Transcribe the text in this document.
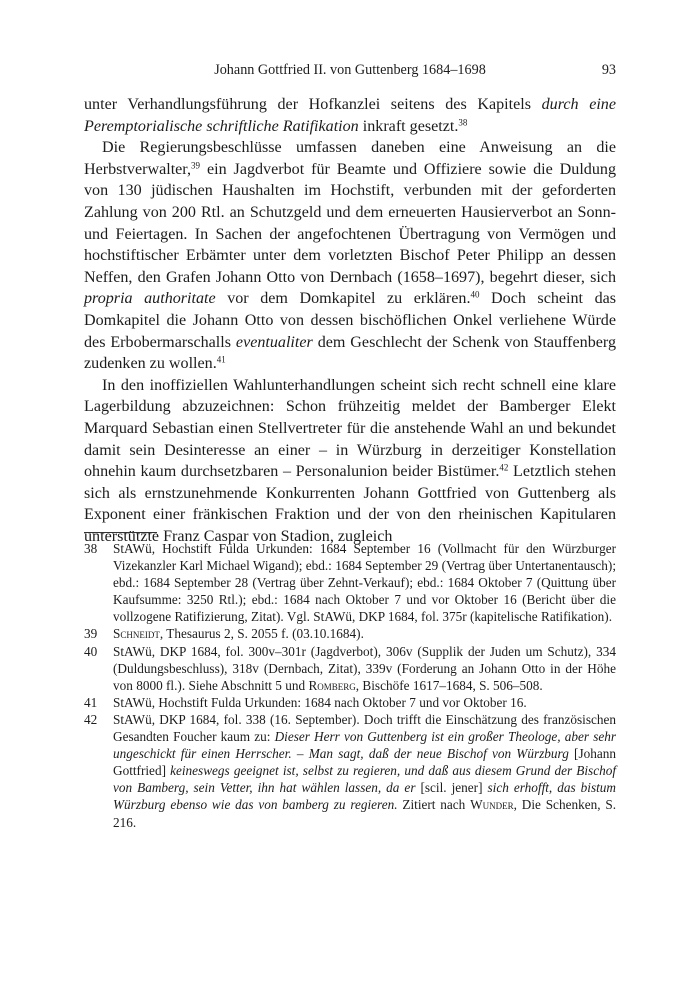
Johann Gottfried II. von Guttenberg 1684–1698	93

unter Verhandlungsführung der Hofkanzlei seitens des Kapitels durch eine Peremptorialische schriftliche Ratifikation inkraft gesetzt.$^{38}$

Die Regierungsbeschlüsse umfassen daneben eine Anweisung an die Herbstverwalter,$^{39}$ ein Jagdverbot für Beamte und Offiziere sowie die Duldung von 130 jüdischen Haushalten im Hochstift, verbunden mit der geforderten Zahlung von 200 Rtl. an Schutzgeld und dem erneuerten Hausierverbot an Sonn- und Feiertagen. In Sachen der angefochtenen Übertragung von Vermögen und hochstiftischer Erbämter unter dem vorletzten Bischof Peter Philipp an dessen Neffen, den Grafen Johann Otto von Dernbach (1658–1697), begehrt dieser, sich propria authoritate vor dem Domkapitel zu erklären.$^{40}$ Doch scheint das Domkapitel die Johann Otto von dessen bischöflichen Onkel verliehene Würde des Erbobermarschalls eventualiter dem Geschlecht der Schenk von Stauffenberg zudenken zu wollen.$^{41}$

In den inoffiziellen Wahlunterhandlungen scheint sich recht schnell eine klare Lagerbildung abzuzeichnen: Schon frühzeitig meldet der Bamberger Elekt Marquard Sebastian einen Stellvertreter für die anstehende Wahl an und bekundet damit sein Desinteresse an einer – in Würzburg in derzeitiger Konstellation ohnehin kaum durchsetzbaren – Personalunion beider Bistümer.$^{42}$ Letztlich stehen sich als ernstzunehmende Konkurrenten Johann Gottfried von Guttenberg als Exponent einer fränkischen Fraktion und der von den rheinischen Kapitularen unterstützte Franz Caspar von Stadion, zugleich

38 StAWü, Hochstift Fulda Urkunden: 1684 September 16 (Vollmacht für den Würzburger Vizekanzler Karl Michael Wigand); ebd.: 1684 September 29 (Vertrag über Untertanentausch); ebd.: 1684 September 28 (Vertrag über Zehnt-Verkauf); ebd.: 1684 Oktober 7 (Quittung über Kaufsumme: 3250 Rtl.); ebd.: 1684 nach Oktober 7 und vor Oktober 16 (Bericht über die vollzogene Ratifizierung, Zitat). Vgl. StAWü, DKP 1684, fol. 375r (kapitelische Ratifikation).
39 Schneidt, Thesaurus 2, S. 2055 f. (03.10.1684).
40 StAWü, DKP 1684, fol. 300v–301r (Jagdverbot), 306v (Supplik der Juden um Schutz), 334 (Duldungsbeschluss), 318v (Dernbach, Zitat), 339v (Forderung an Johann Otto in der Höhe von 8000 fl.). Siehe Abschnitt 5 und Romberg, Bischöfe 1617–1684, S. 506–508.
41 StAWü, Hochstift Fulda Urkunden: 1684 nach Oktober 7 und vor Oktober 16.
42 StAWü, DKP 1684, fol. 338 (16. September). Doch trifft die Einschätzung des französischen Gesandten Foucher kaum zu: Dieser Herr von Guttenberg ist ein großer Theologe, aber sehr ungeschickt für einen Herrscher. – Man sagt, daß der neue Bischof von Würzburg [Johann Gottfried] keineswegs geeignet ist, selbst zu regieren, und daß aus diesem Grund der Bischof von Bamberg, sein Vetter, ihn hat wählen lassen, da er [scil. jener] sich erhofft, das bistum Würzburg ebenso wie das von bamberg zu regieren. Zitiert nach Wunder, Die Schenken, S. 216.
